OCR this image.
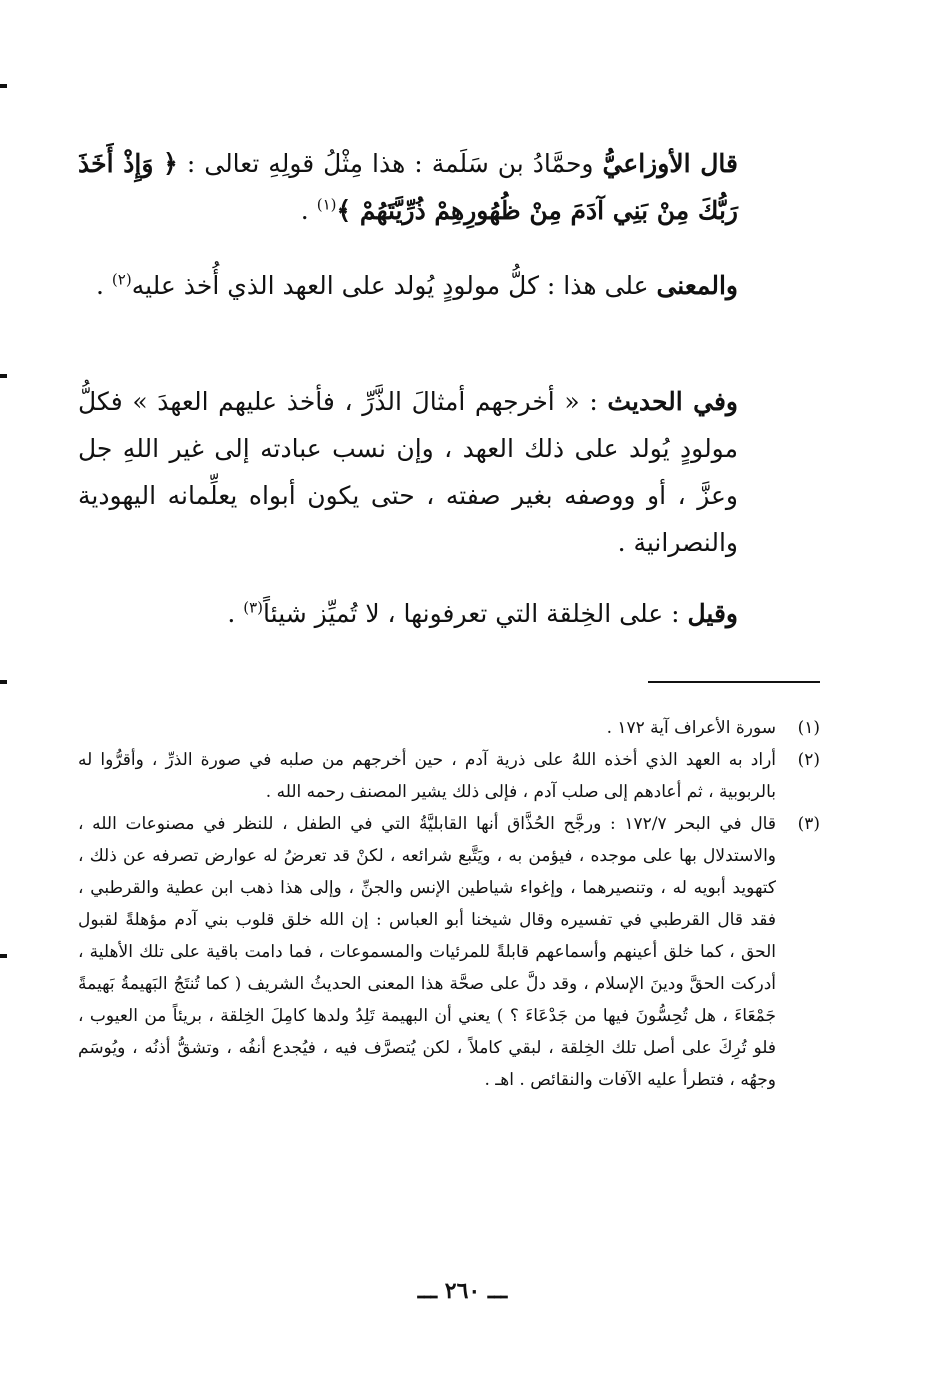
قال الأوزاعيُّ وحمَّادُ بن سَلَمة : هذا مِثْلُ قولِهِ تعالى : ﴿ وَإِذْ أَخَذَ رَبُّكَ مِنْ بَنِي آدَمَ مِنْ ظُهُورِهِمْ ذُرِّيَّتَهُمْ ﴾$^{(١)}$ .

والمعنى على هذا : كلُّ مولودٍ يُولد على العهد الذي أُخذ عليه$^{(٢)}$ .

وفي الحديث : « أخرجهم أمثالَ الذَّرِّ ، فأخذ عليهم العهدَ » فكلُّ مولودٍ يُولد على ذلك العهد ، وإن نسب عبادته إلى غير اللهِ جل وعزَّ ، أو ووصفه بغير صفته ، حتى يكون أبواه يعلِّمانه اليهودية والنصرانية .

وقيل : على الخِلقة التي تعرفونها ، لا تُميِّز شيئاً$^{(٣)}$ .

(١)
سورة الأعراف آية ١٧٢ .
(٢)
أراد به العهد الذي أخذه اللهُ على ذرية آدم ، حين أخرجهم من صلبه في صورة الذرِّ ، وأقرُّوا له بالربوبية ، ثم أعادهم إلى صلب آدم ، فإلى ذلك يشير المصنف رحمه الله .
(٣)
قال في البحر ١٧٢/٧ : ورجَّح الحُذَّاق أنها القابليَّةُ التي في الطفل ، للنظر في مصنوعات الله ، والاستدلال بها على موجده ، فيؤمن به ، ويَتَّبع شرائعه ، لكنْ قد تعرضُ له عوارض تصرفه عن ذلك ، كتهويد أبويه له ، وتنصيرهما ، وإغواء شياطين الإنس والجنِّ ، وإلى هذا ذهب ابن عطية والقرطبي ، فقد قال القرطبي في تفسيره وقال شيخنا أبو العباس : إن الله خلق قلوب بني آدم مؤهلةً لقبول الحق ، كما خلق أعينهم وأسماعهم قابلةً للمرئيات والمسموعات ، فما دامت باقية على تلك الأهلية ، أدركت الحقَّ ودينَ الإسلام ، وقد دلَّ على صحَّة هذا المعنى الحديثُ الشريف ( كما تُنتَجُ البَهيمةُ بَهيمةً جَمْعَاءَ ، هل تُحِسُّونَ فيها من جَدْعَاءَ ؟ ) يعني أن البهيمة تَلِدُ ولدها كامِلَ الخِلقة ، بريئاً من العيوب ، فلو تُرِكَ على أصل تلك الخِلقة ، لبقي كاملاً ، لكن يُتصرَّف فيه ، فيُجدع أنفُه ، وتشقُّ أذنُه ، ويُوسَم وجهُه ، فتطرأ عليه الآفات والنقائص . اهـ .
ـــ ٢٦٠ ـــ
